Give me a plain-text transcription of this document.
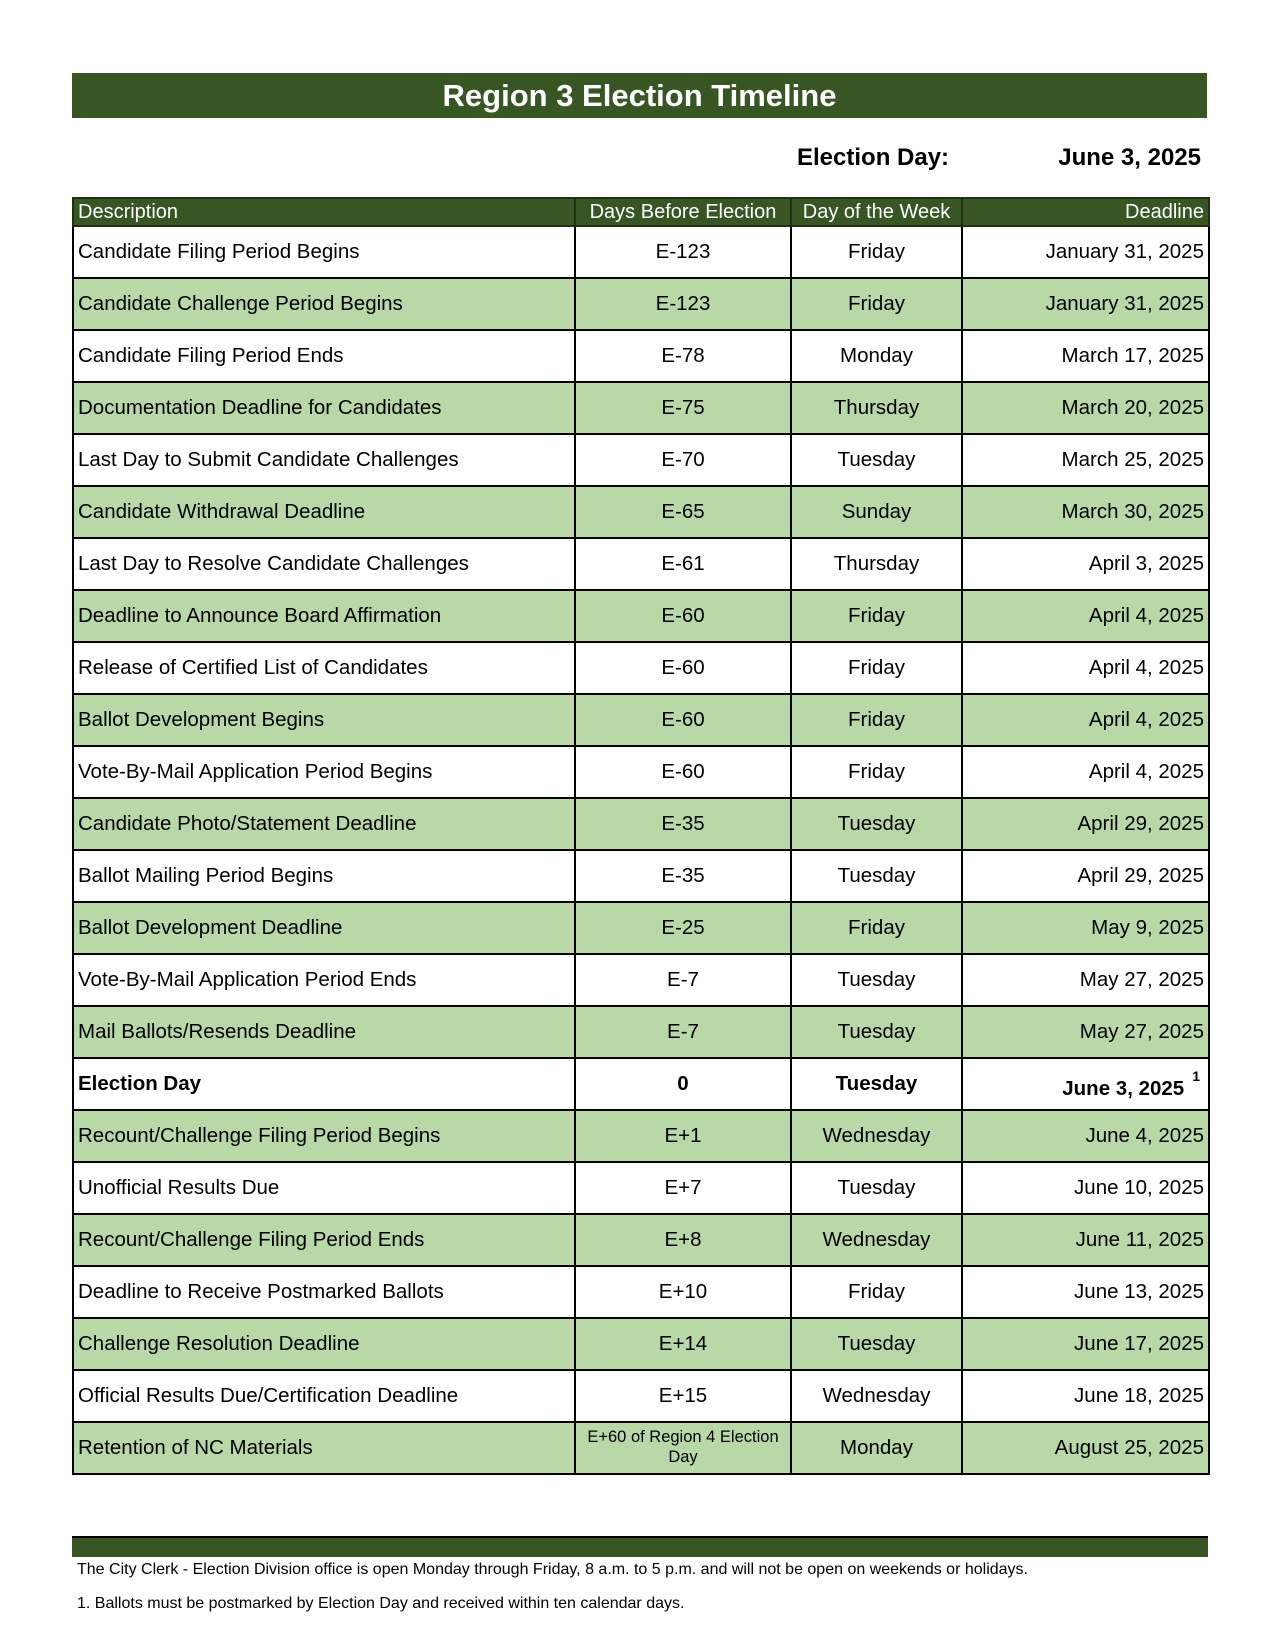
Region 3 Election Timeline
Election Day:	June 3, 2025
Description	Days Before Election	Day of the Week	Deadline
Candidate Filing Period Begins	E-123	Friday	January 31, 2025
Candidate Challenge Period Begins	E-123	Friday	January 31, 2025
Candidate Filing Period Ends	E-78	Monday	March 17, 2025
Documentation Deadline for Candidates	E-75	Thursday	March 20, 2025
Last Day to Submit Candidate Challenges	E-70	Tuesday	March 25, 2025
Candidate Withdrawal Deadline	E-65	Sunday	March 30, 2025
Last Day to Resolve Candidate Challenges	E-61	Thursday	April 3, 2025
Deadline to Announce Board Affirmation	E-60	Friday	April 4, 2025
Release of Certified List of Candidates	E-60	Friday	April 4, 2025
Ballot Development Begins	E-60	Friday	April 4, 2025
Vote-By-Mail Application Period Begins	E-60	Friday	April 4, 2025
Candidate Photo/Statement Deadline	E-35	Tuesday	April 29, 2025
Ballot Mailing Period Begins	E-35	Tuesday	April 29, 2025
Ballot Development Deadline	E-25	Friday	May 9, 2025
Vote-By-Mail Application Period Ends	E-7	Tuesday	May 27, 2025
Mail Ballots/Resends Deadline	E-7	Tuesday	May 27, 2025
Election Day	0	Tuesday	June 3, 2025$^1$
Recount/Challenge Filing Period Begins	E+1	Wednesday	June 4, 2025
Unofficial Results Due	E+7	Tuesday	June 10, 2025
Recount/Challenge Filing Period Ends	E+8	Wednesday	June 11, 2025
Deadline to Receive Postmarked Ballots	E+10	Friday	June 13, 2025
Challenge Resolution Deadline	E+14	Tuesday	June 17, 2025
Official Results Due/Certification Deadline	E+15	Wednesday	June 18, 2025
Retention of NC Materials	E+60 of Region 4 Election Day	Monday	August 25, 2025
The City Clerk - Election Division office is open Monday through Friday, 8 a.m. to 5 p.m. and will not be open on weekends or holidays.
1. Ballots must be postmarked by Election Day and received within ten calendar days.
